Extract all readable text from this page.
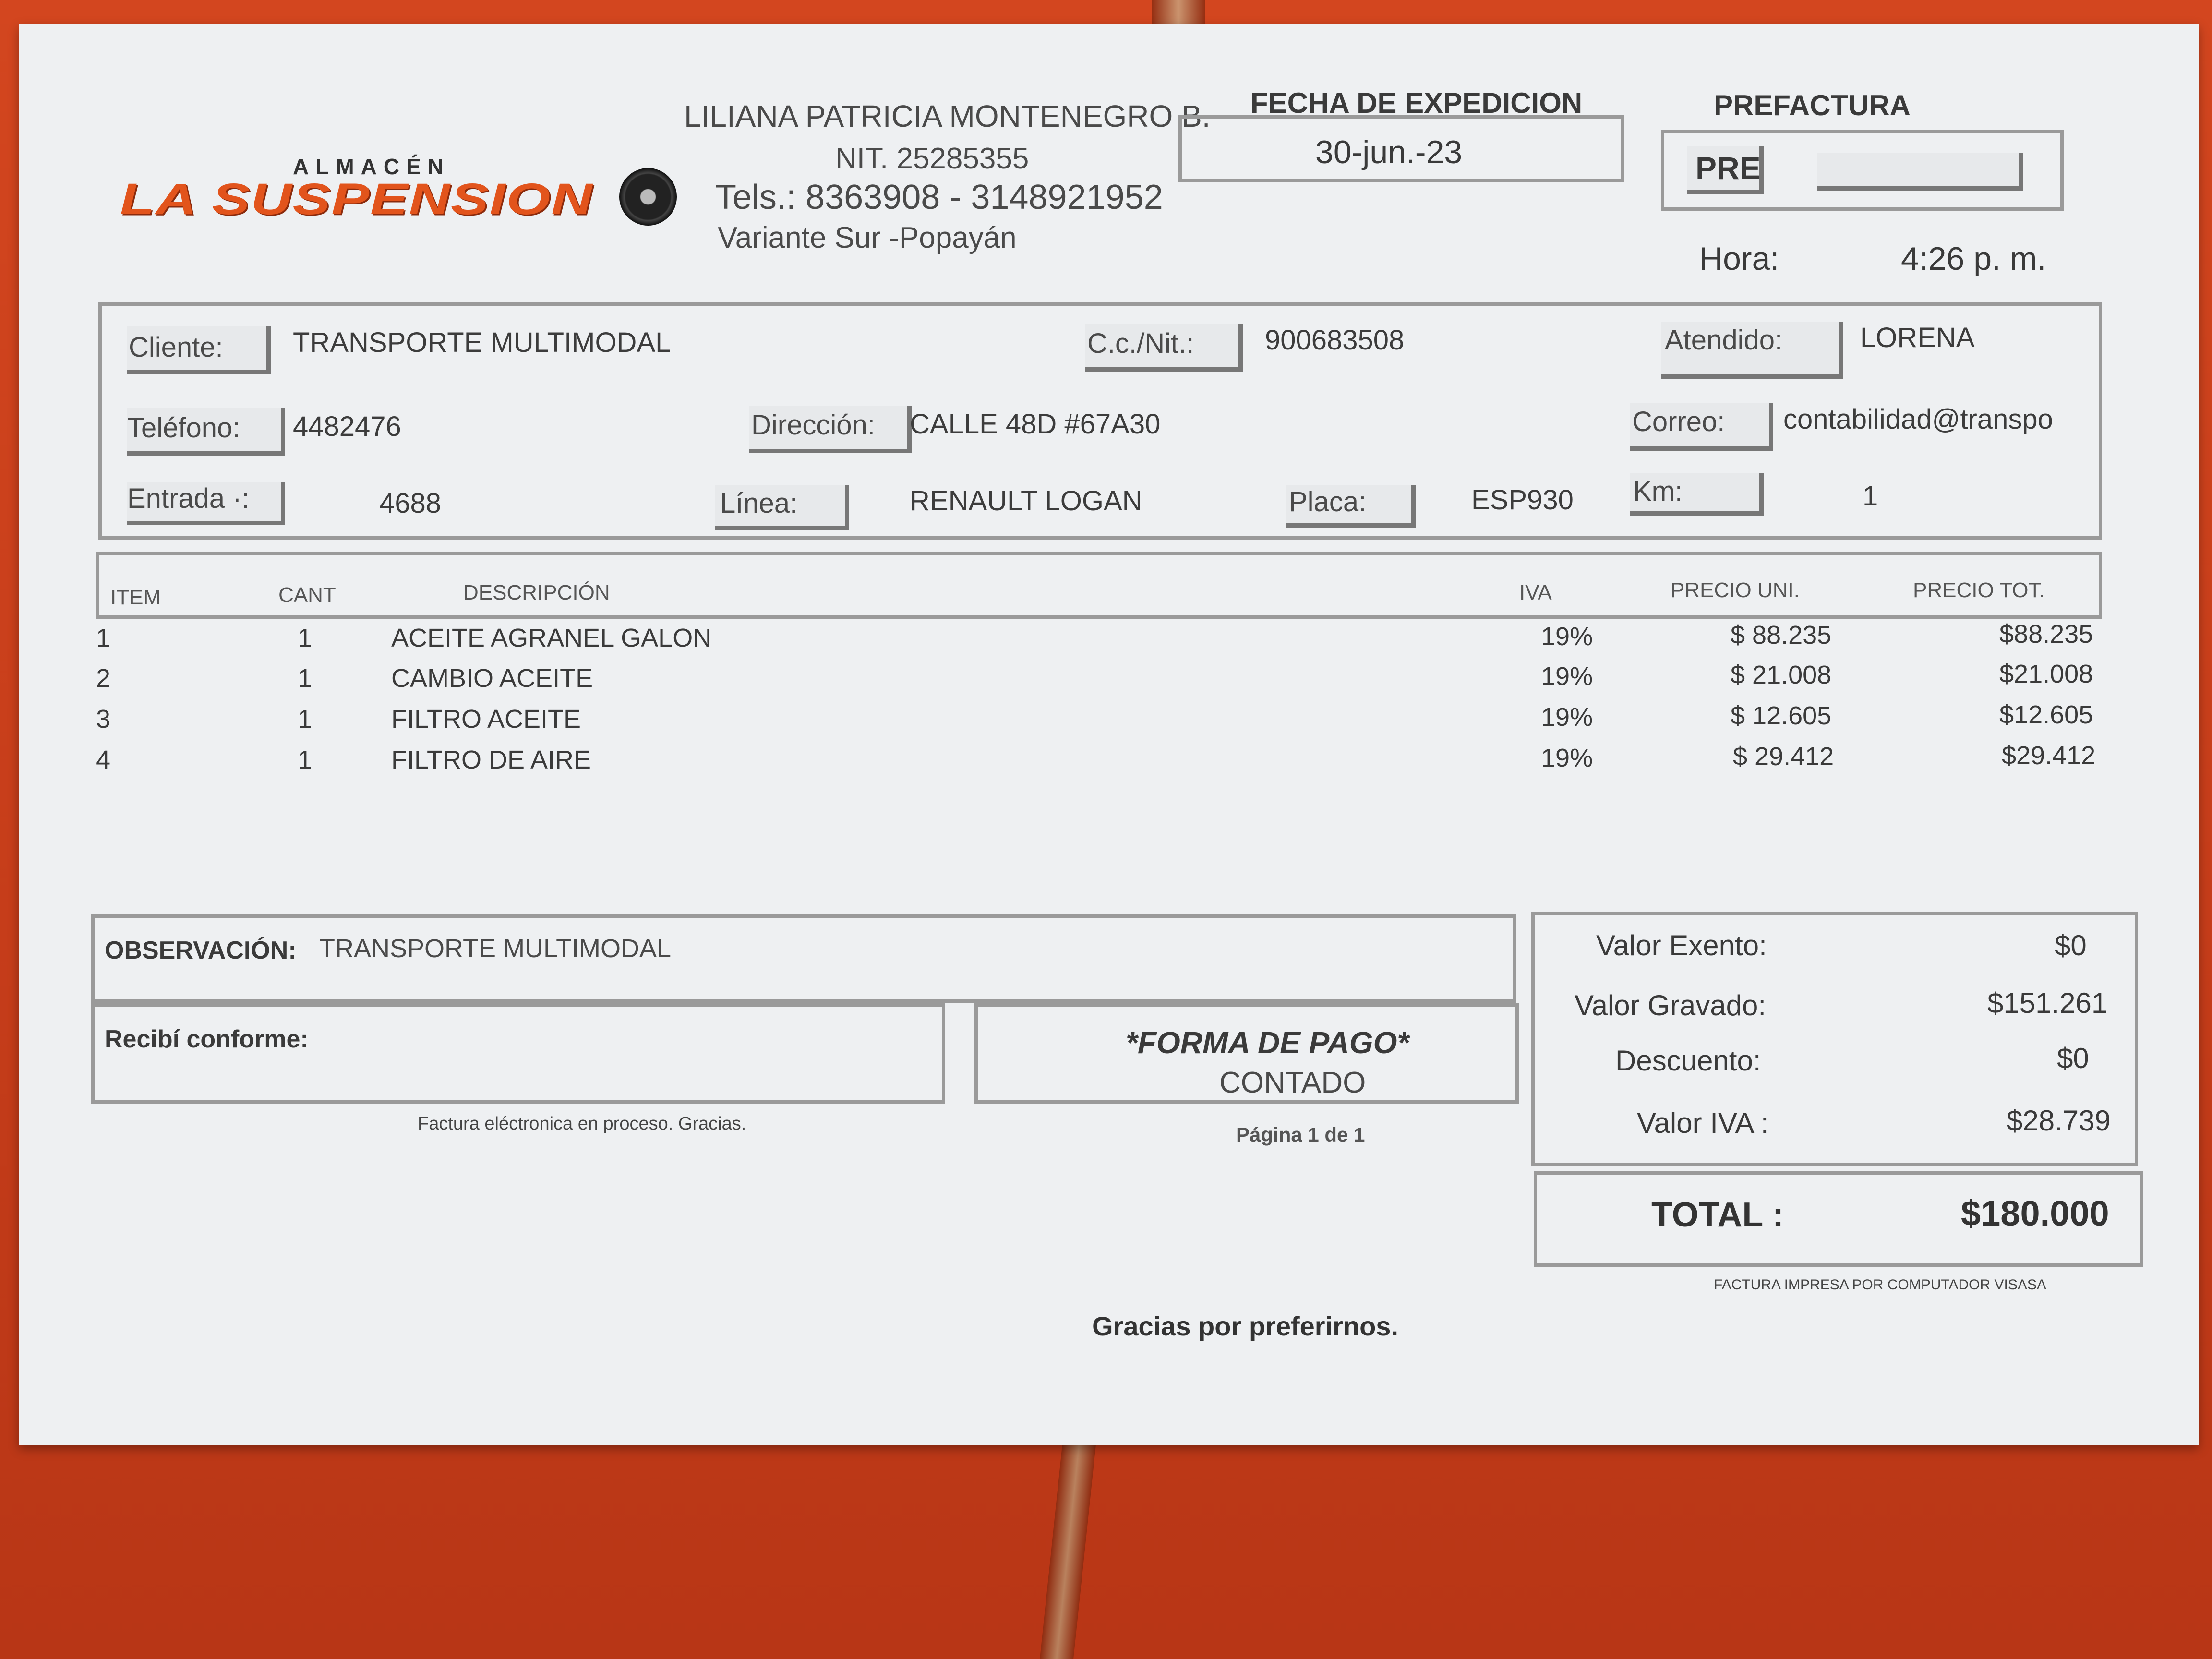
ALMACÉN
LA SUSPENSION
LILIANA PATRICIA MONTENEGRO B.
NIT. 25285355
Tels.: 8363908 - 3148921952
Variante Sur -Popayán
FECHA DE EXPEDICION
30-jun.-23
PREFACTURA
PRE
Hora:	4:26 p. m.
Cliente:	TRANSPORTE MULTIMODAL	C.c./Nit.:	900683508	Atendido:	LORENA
Teléfono: 4482476	Dirección: CALLE 48D #67A30	Correo: contabilidad@transpo
Entrada ·:	4688	Línea:	RENAULT LOGAN	Placa:	ESP930 Km:	1
ITEM	CANT	DESCRIPCIÓN	IVA	PRECIO UNI.	PRECIO TOT.
1	1	ACEITE AGRANEL GALON	19%	$ 88.235	$88.235
2	1	CAMBIO ACEITE	19%	$ 21.008	$21.008
3	1	FILTRO ACEITE	19%	$ 12.605	$12.605
4	1	FILTRO DE AIRE	19%	$ 29.412	$29.412
OBSERVACIÓN: TRANSPORTE MULTIMODAL
Recibí conforme:	*FORMA DE PAGO*
CONTADO
Factura eléctronica en proceso. Gracias.	Página 1 de 1
Valor Exento:	$0
Valor Gravado:	$151.261
Descuento:	$0
Valor IVA :	$28.739
TOTAL :	$180.000
FACTURA IMPRESA POR COMPUTADOR VISASA
Gracias por preferirnos.
